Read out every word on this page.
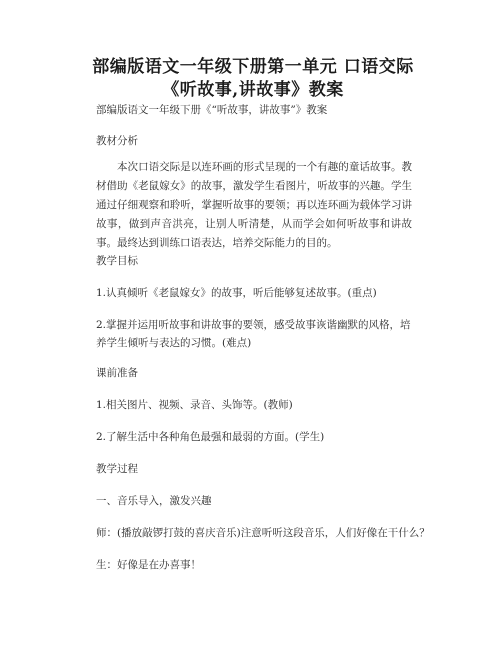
部编版语文一年级下册第一单元 口语交际《听故事,讲故事》教案
部编版语文一年级下册《“听故事，讲故事”》教案
教材分析
本次口语交际是以连环画的形式呈现的一个有趣的童话故事。教材借助《老鼠嫁女》的故事，激发学生看图片，听故事的兴趣。学生通过仔细观察和聆听，掌握听故事的要领；再以连环画为载体学习讲故事，做到声音洪亮，让别人听清楚，从而学会如何听故事和讲故事。最终达到训练口语表达，培养交际能力的目的。
教学目标
1.认真倾听《老鼠嫁女》的故事，听后能够复述故事。(重点)
2.掌握并运用听故事和讲故事的要领，感受故事诙谐幽默的风格，培养学生倾听与表达的习惯。(难点)
课前准备
1.相关图片、视频、录音、头饰等。(教师)
2.了解生活中各种角色最强和最弱的方面。(学生)
教学过程
一、音乐导入，激发兴趣
师：(播放敲锣打鼓的喜庆音乐)注意听听这段音乐，人们好像在干什么？
生：好像是在办喜事！
